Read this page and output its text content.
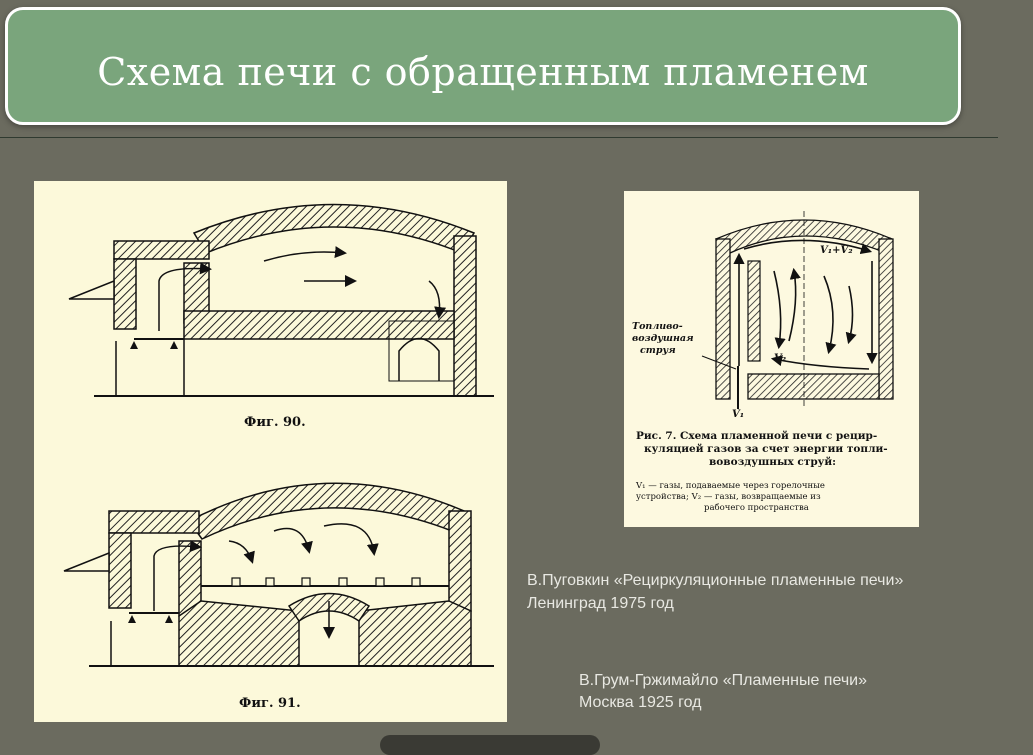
Схема печи с обращенным пламенем
Фиг. 90.
Фиг. 91.
V₁+V₂
V₂
V₁
Топливо-
воздушная
струя
Рис. 7. Схема пламенной печи с рецир-
куляцией газов за счет энергии топли-
вовоздушных струй:
V₁ — газы, подаваемые через горелочные
устройства; V₂ — газы, возвращаемые из
рабочего пространства
В.Пуговкин «Рециркуляционные пламенные печи»
Ленинград 1975 год
В.Грум-Гржимайло «Пламенные печи»
Москва 1925 год
